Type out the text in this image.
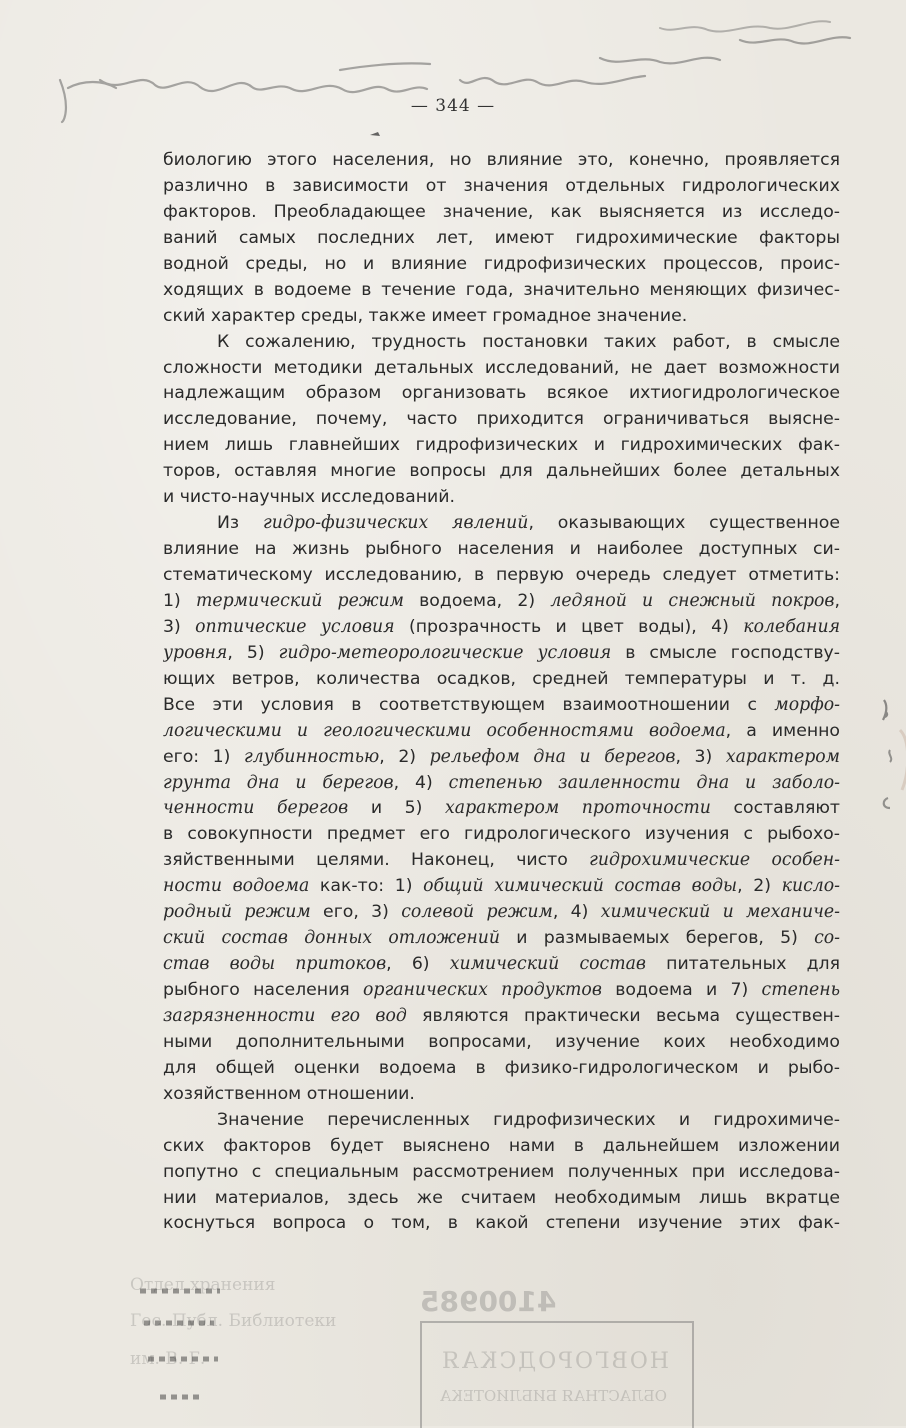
— 344 —
биологию этого населения, но влияние это, конечно, проявляется
различно в зависимости от значения отдельных гидрологических
факторов. Преобладающее значение, как выясняется из исследо-
ваний самых последних лет, имеют гидрохимические факторы
водной среды, но и влияние гидрофизических процессов, проис-
ходящих в водоеме в течение года, значительно меняющих физичес-
ский характер среды, также имеет громадное значение.
К сожалению, трудность постановки таких работ, в смысле
сложности методики детальных исследований, не дает возможности
надлежащим образом организовать всякое ихтиогидрологическое
исследование, почему, часто приходится ограничиваться выясне-
нием лишь главнейших гидрофизических и гидрохимических фак-
торов, оставляя многие вопросы для дальнейших более детальных
и чисто-научных исследований.
Из гидро-физических явлений, оказывающих существенное
влияние на жизнь рыбного населения и наиболее доступных си-
стематическому исследованию, в первую очередь следует отметить:
1) термический режим водоема, 2) ледяной и снежный покров,
3) оптические условия (прозрачность и цвет воды), 4) колебания
уровня, 5) гидро-метеорологические условия в смысле господству-
ющих ветров, количества осадков, средней температуры и т. д.
Все эти условия в соответствующем взаимоотношении с морфо-
логическими и геологическими особенностями водоема, а именно
его: 1) глубинностью, 2) рельефом дна и берегов, 3) характером
грунта дна и берегов, 4) степенью заиленности дна и заболо-
ченности берегов и 5) характером проточности составляют
в совокупности предмет его гидрологического изучения с рыбохо-
зяйственными целями. Наконец, чисто гидрохимические особен-
ности водоема как-то: 1) общий химический состав воды, 2) кисло-
родный режим его, 3) солевой режим, 4) химический и механиче-
ский состав донных отложений и размываемых берегов, 5) со-
став воды притоков, 6) химический состав питательных для
рыбного населения органических продуктов водоема и 7) степень
загрязненности его вод являются практически весьма существен-
ными дополнительными вопросами, изучение коих необходимо
для общей оценки водоема в физико-гидрологическом и рыбо-
хозяйственном отношении.
Значение перечисленных гидрофизических и гидрохимиче-
ских факторов будет выяснено нами в дальнейшем изложении
попутно с специальным рассмотрением полученных при исследова-
нии материалов, здесь же считаем необходимым лишь вкратце
коснуться вопроса о том, в какой степени изучение этих фак-
4100985
Отдел хранения
Гос. Публ. Библиотеки
им. В. Г.	НОВГОРОДСКАЯ
ОБЛАСТНАЯ БИБЛИОТЕКА
